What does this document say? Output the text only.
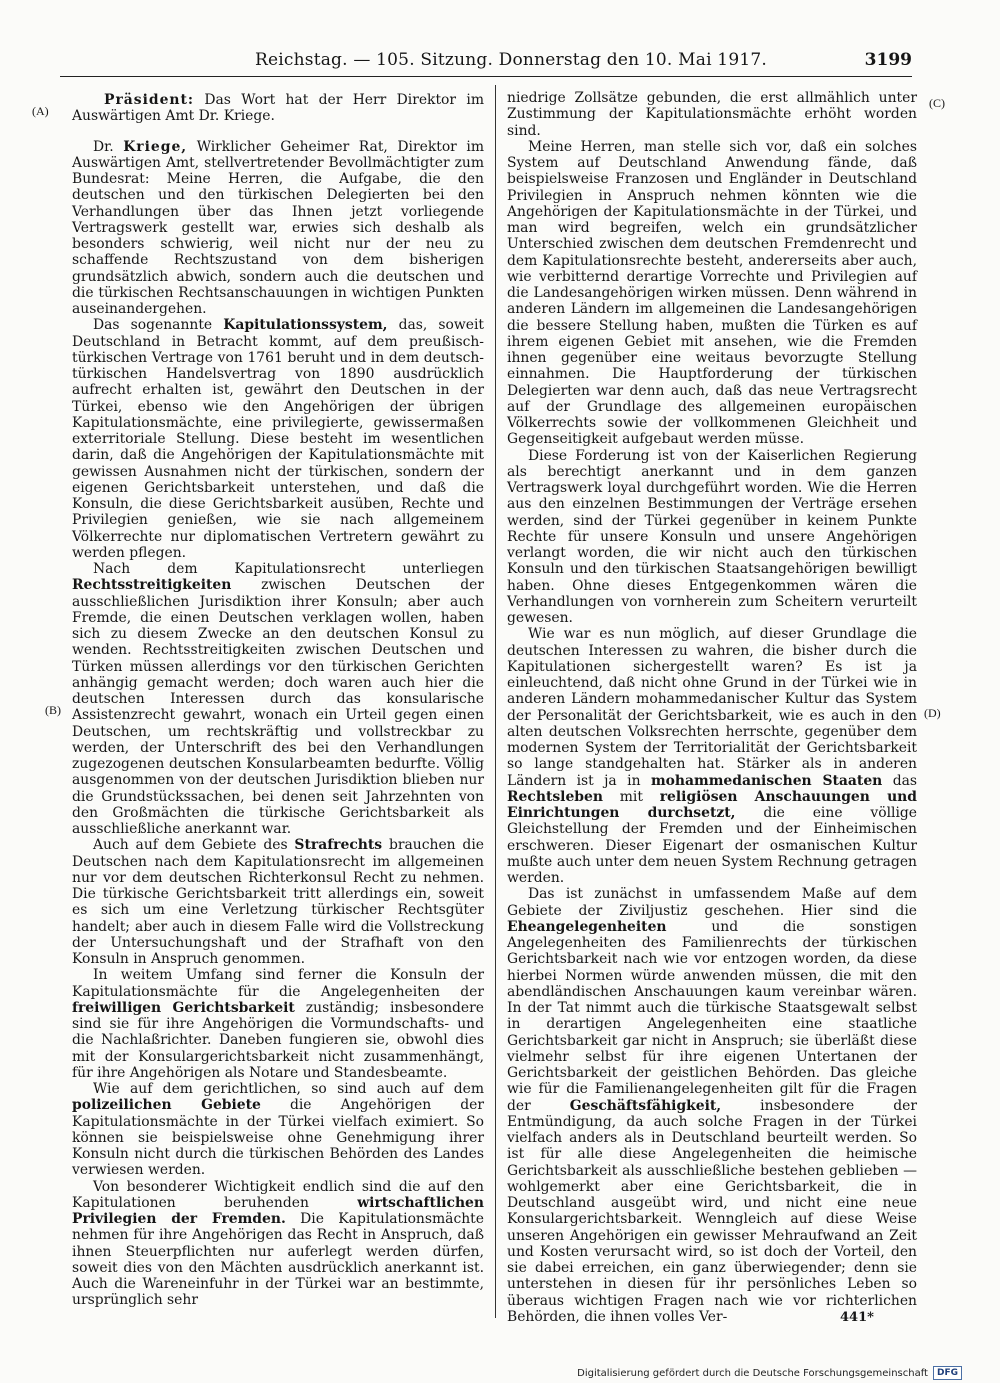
Reichstag. — 105. Sitzung. Donnerstag den 10. Mai 1917.	3199
(A)
(B)
(C)
(D)

Präsident: Das Wort hat der Herr Direktor im Auswärtigen Amt Dr. Kriege.

Dr. Kriege, Wirklicher Geheimer Rat, Direktor im Auswärtigen Amt, stellvertretender Bevollmächtigter zum Bundesrat: Meine Herren, die Aufgabe, die den deutschen und den türkischen Delegierten bei den Verhandlungen über das Ihnen jetzt vorliegende Vertragswerk gestellt war, erwies sich deshalb als besonders schwierig, weil nicht nur der neu zu schaffende Rechtszustand von dem bisherigen grundsätzlich abwich, sondern auch die deutschen und die türkischen Rechtsanschauungen in wichtigen Punkten auseinandergehen.

Das sogenannte Kapitulationssystem, das, soweit Deutschland in Betracht kommt, auf dem preußisch-türkischen Vertrage von 1761 beruht und in dem deutsch-türkischen Handelsvertrag von 1890 ausdrücklich aufrecht erhalten ist, gewährt den Deutschen in der Türkei, ebenso wie den Angehörigen der übrigen Kapitulationsmächte, eine privilegierte, gewissermaßen exterritoriale Stellung. Diese besteht im wesentlichen darin, daß die Angehörigen der Kapitulationsmächte mit gewissen Ausnahmen nicht der türkischen, sondern der eigenen Gerichtsbarkeit unterstehen, und daß die Konsuln, die diese Gerichtsbarkeit ausüben, Rechte und Privilegien genießen, wie sie nach allgemeinem Völkerrechte nur diplomatischen Vertretern gewährt zu werden pflegen.

Nach dem Kapitulationsrecht unterliegen Rechtsstreitigkeiten zwischen Deutschen der ausschließlichen Jurisdiktion ihrer Konsuln; aber auch Fremde, die einen Deutschen verklagen wollen, haben sich zu diesem Zwecke an den deutschen Konsul zu wenden. Rechtsstreitigkeiten zwischen Deutschen und Türken müssen allerdings vor den türkischen Gerichten anhängig gemacht werden; doch waren auch hier die deutschen Interessen durch das konsularische Assistenzrecht gewahrt, wonach ein Urteil gegen einen Deutschen, um rechtskräftig und vollstreckbar zu werden, der Unterschrift des bei den Verhandlungen zugezogenen deutschen Konsularbeamten bedurfte. Völlig ausgenommen von der deutschen Jurisdiktion blieben nur die Grundstückssachen, bei denen seit Jahrzehnten von den Großmächten die türkische Gerichtsbarkeit als ausschließliche anerkannt war.

Auch auf dem Gebiete des Strafrechts brauchen die Deutschen nach dem Kapitulationsrecht im allgemeinen nur vor dem deutschen Richterkonsul Recht zu nehmen. Die türkische Gerichtsbarkeit tritt allerdings ein, soweit es sich um eine Verletzung türkischer Rechtsgüter handelt; aber auch in diesem Falle wird die Vollstreckung der Untersuchungshaft und der Strafhaft von den Konsuln in Anspruch genommen.

In weitem Umfang sind ferner die Konsuln der Kapitulationsmächte für die Angelegenheiten der freiwilligen Gerichtsbarkeit zuständig; insbesondere sind sie für ihre Angehörigen die Vormundschafts- und die Nachlaßrichter. Daneben fungieren sie, obwohl dies mit der Konsulargerichtsbarkeit nicht zusammenhängt, für ihre Angehörigen als Notare und Standesbeamte.

Wie auf dem gerichtlichen, so sind auch auf dem polizeilichen Gebiete die Angehörigen der Kapitulationsmächte in der Türkei vielfach eximiert. So können sie beispielsweise ohne Genehmigung ihrer Konsuln nicht durch die türkischen Behörden des Landes verwiesen werden.

Von besonderer Wichtigkeit endlich sind die auf den Kapitulationen beruhenden wirtschaftlichen Privilegien der Fremden. Die Kapitulationsmächte nehmen für ihre Angehörigen das Recht in Anspruch, daß ihnen Steuerpflichten nur auferlegt werden dürfen, soweit dies von den Mächten ausdrücklich anerkannt ist. Auch die Wareneinfuhr in der Türkei war an bestimmte, ursprünglich sehr

niedrige Zollsätze gebunden, die erst allmählich unter Zustimmung der Kapitulationsmächte erhöht worden sind.

Meine Herren, man stelle sich vor, daß ein solches System auf Deutschland Anwendung fände, daß beispielsweise Franzosen und Engländer in Deutschland Privilegien in Anspruch nehmen könnten wie die Angehörigen der Kapitulationsmächte in der Türkei, und man wird begreifen, welch ein grundsätzlicher Unterschied zwischen dem deutschen Fremdenrecht und dem Kapitulationsrechte besteht, andererseits aber auch, wie verbitternd derartige Vorrechte und Privilegien auf die Landesangehörigen wirken müssen. Denn während in anderen Ländern im allgemeinen die Landesangehörigen die bessere Stellung haben, mußten die Türken es auf ihrem eigenen Gebiet mit ansehen, wie die Fremden ihnen gegenüber eine weitaus bevorzugte Stellung einnahmen. Die Hauptforderung der türkischen Delegierten war denn auch, daß das neue Vertragsrecht auf der Grundlage des allgemeinen europäischen Völkerrechts sowie der vollkommenen Gleichheit und Gegenseitigkeit aufgebaut werden müsse.

Diese Forderung ist von der Kaiserlichen Regierung als berechtigt anerkannt und in dem ganzen Vertragswerk loyal durchgeführt worden. Wie die Herren aus den einzelnen Bestimmungen der Verträge ersehen werden, sind der Türkei gegenüber in keinem Punkte Rechte für unsere Konsuln und unsere Angehörigen verlangt worden, die wir nicht auch den türkischen Konsuln und den türkischen Staatsangehörigen bewilligt haben. Ohne dieses Entgegenkommen wären die Verhandlungen von vornherein zum Scheitern verurteilt gewesen.

Wie war es nun möglich, auf dieser Grundlage die deutschen Interessen zu wahren, die bisher durch die Kapitulationen sichergestellt waren? Es ist ja einleuchtend, daß nicht ohne Grund in der Türkei wie in anderen Ländern mohammedanischer Kultur das System der Personalität der Gerichtsbarkeit, wie es auch in den alten deutschen Volksrechten herrschte, gegenüber dem modernen System der Territorialität der Gerichtsbarkeit so lange standgehalten hat. Stärker als in anderen Ländern ist ja in mohammedanischen Staaten das Rechtsleben mit religiösen Anschauungen und Einrichtungen durchsetzt, die eine völlige Gleichstellung der Fremden und der Einheimischen erschweren. Dieser Eigenart der osmanischen Kultur mußte auch unter dem neuen System Rechnung getragen werden.

Das ist zunächst in umfassendem Maße auf dem Gebiete der Ziviljustiz geschehen. Hier sind die Eheangelegenheiten und die sonstigen Angelegenheiten des Familienrechts der türkischen Gerichtsbarkeit nach wie vor entzogen worden, da diese hierbei Normen würde anwenden müssen, die mit den abendländischen Anschauungen kaum vereinbar wären. In der Tat nimmt auch die türkische Staatsgewalt selbst in derartigen Angelegenheiten eine staatliche Gerichtsbarkeit gar nicht in Anspruch; sie überläßt diese vielmehr selbst für ihre eigenen Untertanen der Gerichtsbarkeit der geistlichen Behörden. Das gleiche wie für die Familienangelegenheiten gilt für die Fragen der Geschäftsfähigkeit, insbesondere der Entmündigung, da auch solche Fragen in der Türkei vielfach anders als in Deutschland beurteilt werden. So ist für alle diese Angelegenheiten die heimische Gerichtsbarkeit als ausschließliche bestehen geblieben — wohlgemerkt aber eine Gerichtsbarkeit, die in Deutschland ausgeübt wird, und nicht eine neue Konsulargerichtsbarkeit. Wenngleich auf diese Weise unseren Angehörigen ein gewisser Mehraufwand an Zeit und Kosten verursacht wird, so ist doch der Vorteil, den sie dabei erreichen, ein ganz überwiegender; denn sie unterstehen in diesen für ihr persönliches Leben so überaus wichtigen Fragen nach wie vor richterlichen Behörden, die ihnen volles Ver-	441*
Digitalisierung gefördert durch die Deutsche Forschungsgemeinschaft	DFG
